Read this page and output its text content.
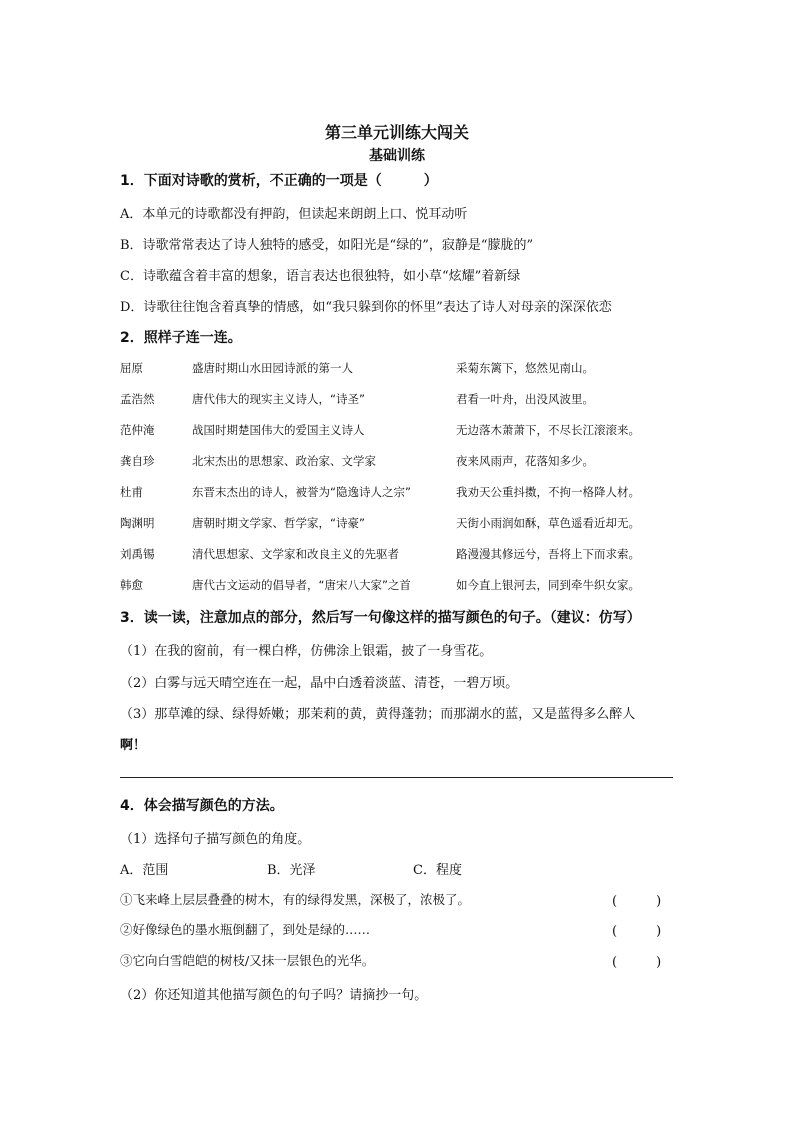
第三单元训练大闯关
基础训练
1．下面对诗歌的赏析，不正确的一项是（　　　）
A．本单元的诗歌都没有押韵，但读起来朗朗上口、悦耳动听
B．诗歌常常表达了诗人独特的感受，如阳光是“绿的”，寂静是“朦胧的”
C．诗歌蕴含着丰富的想象，语言表达也很独特，如小草“炫耀”着新绿
D．诗歌往往饱含着真挚的情感，如“我只躲到你的怀里”表达了诗人对母亲的深深依恋
2．照样子连一连。
屈原	盛唐时期山水田园诗派的第一人	采菊东篱下，悠然见南山。
孟浩然	唐代伟大的现实主义诗人，“诗圣”	君看一叶舟，出没风波里。
范仲淹	战国时期楚国伟大的爱国主义诗人	无边落木萧萧下，不尽长江滚滚来。
龚自珍	北宋杰出的思想家、政治家、文学家	夜来风雨声，花落知多少。
杜甫	东晋末杰出的诗人，被誉为“隐逸诗人之宗”	我劝天公重抖擞，不拘一格降人材。
陶渊明	唐朝时期文学家、哲学家，“诗豪”	天街小雨润如酥，草色遥看近却无。
刘禹锡	清代思想家、文学家和改良主义的先驱者	路漫漫其修远兮，吾将上下而求索。
韩愈	唐代古文运动的倡导者，“唐宋八大家”之首	如今直上银河去，同到牵牛织女家。
3．读一读，注意加点的部分，然后写一句像这样的描写颜色的句子。（建议：仿写）
（1）在我的窗前，有一棵白桦，仿佛涂上银霜，披了一身雪花。
（2）白雾与远天晴空连在一起，晶中白透着淡蓝、清苍，一碧万顷。
（3）那草滩的绿、绿得娇嫩；那茉莉的黄，黄得蓬勃；而那湖水的蓝，又是蓝得多么醉人
啊！
4．体会描写颜色的方法。
（1）选择句子描写颜色的角度。
A．范围	B．光泽	C．程度
①飞来峰上层层叠叠的树木，有的绿得发黑，深极了，浓极了。	(　　　)
②好像绿色的墨水瓶倒翻了，到处是绿的……	(　　　)
③它向白雪皑皑的树枝/又抹一层银色的光华。	(　　　)
（2）你还知道其他描写颜色的句子吗？请摘抄一句。
